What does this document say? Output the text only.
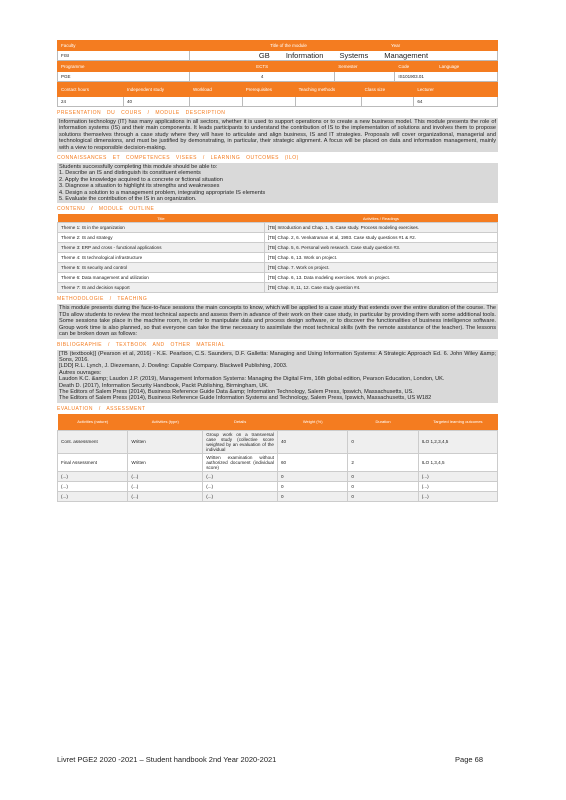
Faculty	Title of the module	Year
FISI	GB Information Systems Management	
Programme	ECTS	Semester	Code	Language
PGE	4		IS101903.01	
Contact hours	Independent study	Workload	Prerequisites	Teaching methods	Class size	Lecturer
24	40					64
PRESENTATION DU COURS / MODULE DESCRIPTION
Information technology (IT) has many applications in all sectors, whether it is used to support operations or to create a new business model. This module presents the role of information systems (IS) and their main components. It leads participants to understand the contribution of IS to the implementation of solutions and involves them to propose solutions themselves through a case study where they will have to articulate and align business, IS and IT strategies. Proposals will cover organizational, managerial and technological dimensions, and must be justified by demonstrating, in particular, their strategic alignment. A focus will be placed on data and information management, mainly with a view to responsible decision-making.
CONNAISSANCES ET COMPETENCES VISEES / LEARNING OUTCOMES (ILO)

Students successfully completing this module should be able to:

1. Describe an IS and distinguish its constituent elements

2. Apply the knowledge acquired to a concrete or fictional situation

3. Diagnose a situation to highlight its strengths and weaknesses

4. Design a solution to a management problem, integrating appropriate IS elements

5. Evaluate the contribution of the IS in an organization.

CONTENU / MODULE OUTLINE
Title	Activities / Readings
Theme 1: IS in the organization	[TB] Introduction and Chap. 1, 5. Case study. Process modeling exercises.
Theme 2: IS and strategy	[TB] Chap. 2, 6. Venkatraman et al, 1993. Case study questions #1 & #2.
Theme 3: ERP and cross - functional applications	[TB] Chap. 5, 6. Personal web research. Case study question #3.
Theme 4: IS technological infrastructure	[TB] Chap. 6, 13. Work on project.
Theme 5: IS security and control	[TB] Chap. 7. Work on project.
Theme 6: Data management and utilization	[TB] Chap. 6, 13. Data modeling exercises. Work on project.
Theme 7: IS and decision support	[TB] Chap. 8, 11, 12. Case study question #4.
METHODOLOGIE / TEACHING
This module presents during the face-to-face sessions the main concepts to know, which will be applied to a case study that extends over the entire duration of the course. The TDs allow students to review the most technical aspects and assess them in advance of their work on their case study, in particular by providing them with some additional tools. Some sessions take place in the machine room, in order to manipulate data and process design software, or to discover the functionalities of business intelligence software. Group work time is also planned, so that everyone can take the time necessary to assimilate the most technical skills (with the remote assistance of the teacher). The lessons can be broken down as follows:
BIBLIOGRAPHIE / TEXTBOOK AND OTHER MATERIAL

[TB (textbook)] (Pearson et al, 2016) - K.E. Pearlson, C.S. Saunders, D.F. Galletta: Managing and Using Information Systems: A Strategic Approach Ed. 6. John Wiley &amp; Sons, 2016.

[LDD] R.L. Lynch, J. Diezemann, J. Dowling: Capable Company. Blackwell Publishing, 2003.

Autres ouvrages:

Laudon K.C. &amp; Laudon J.P. (2019), Management Information Systems: Managing the Digital Firm, 16th global edition, Pearson Education, London, UK.

Death D. (2017), Information Security Handbook, Packt Publishing, Birmingham, UK.

The Editors of Salem Press (2014), Business Reference Guide Data &amp; Information Technology, Salem Press, Ipswich, Massachusetts, US.

The Editors of Salem Press (2014), Business Reference Guide Information Systems and Technology, Salem Press, Ipswich, Massachusetts, US W182

EVALUATION / ASSESSMENT
Activities (nature)	Activities (type)	Details	Weight (%)	Duration	Targeted learning outcomes
Cont. assessment	Written	Group work on a transversal case study (collective score weighted by an evaluation of the individual	40	0	ILO 1,2,3,4,5
Final Assessment	Written	Written examination without authorized document (individual score)	60	2	ILO 1,3,4,5
(...)	(...)	(...)	0	0	(...)
(...)	(...)	(...)	0	0	(...)
(...)	(...)	(...)	0	0	(...)
Livret PGE2 2020 -2021 – Student handbook 2nd Year 2020-2021	Page 68
